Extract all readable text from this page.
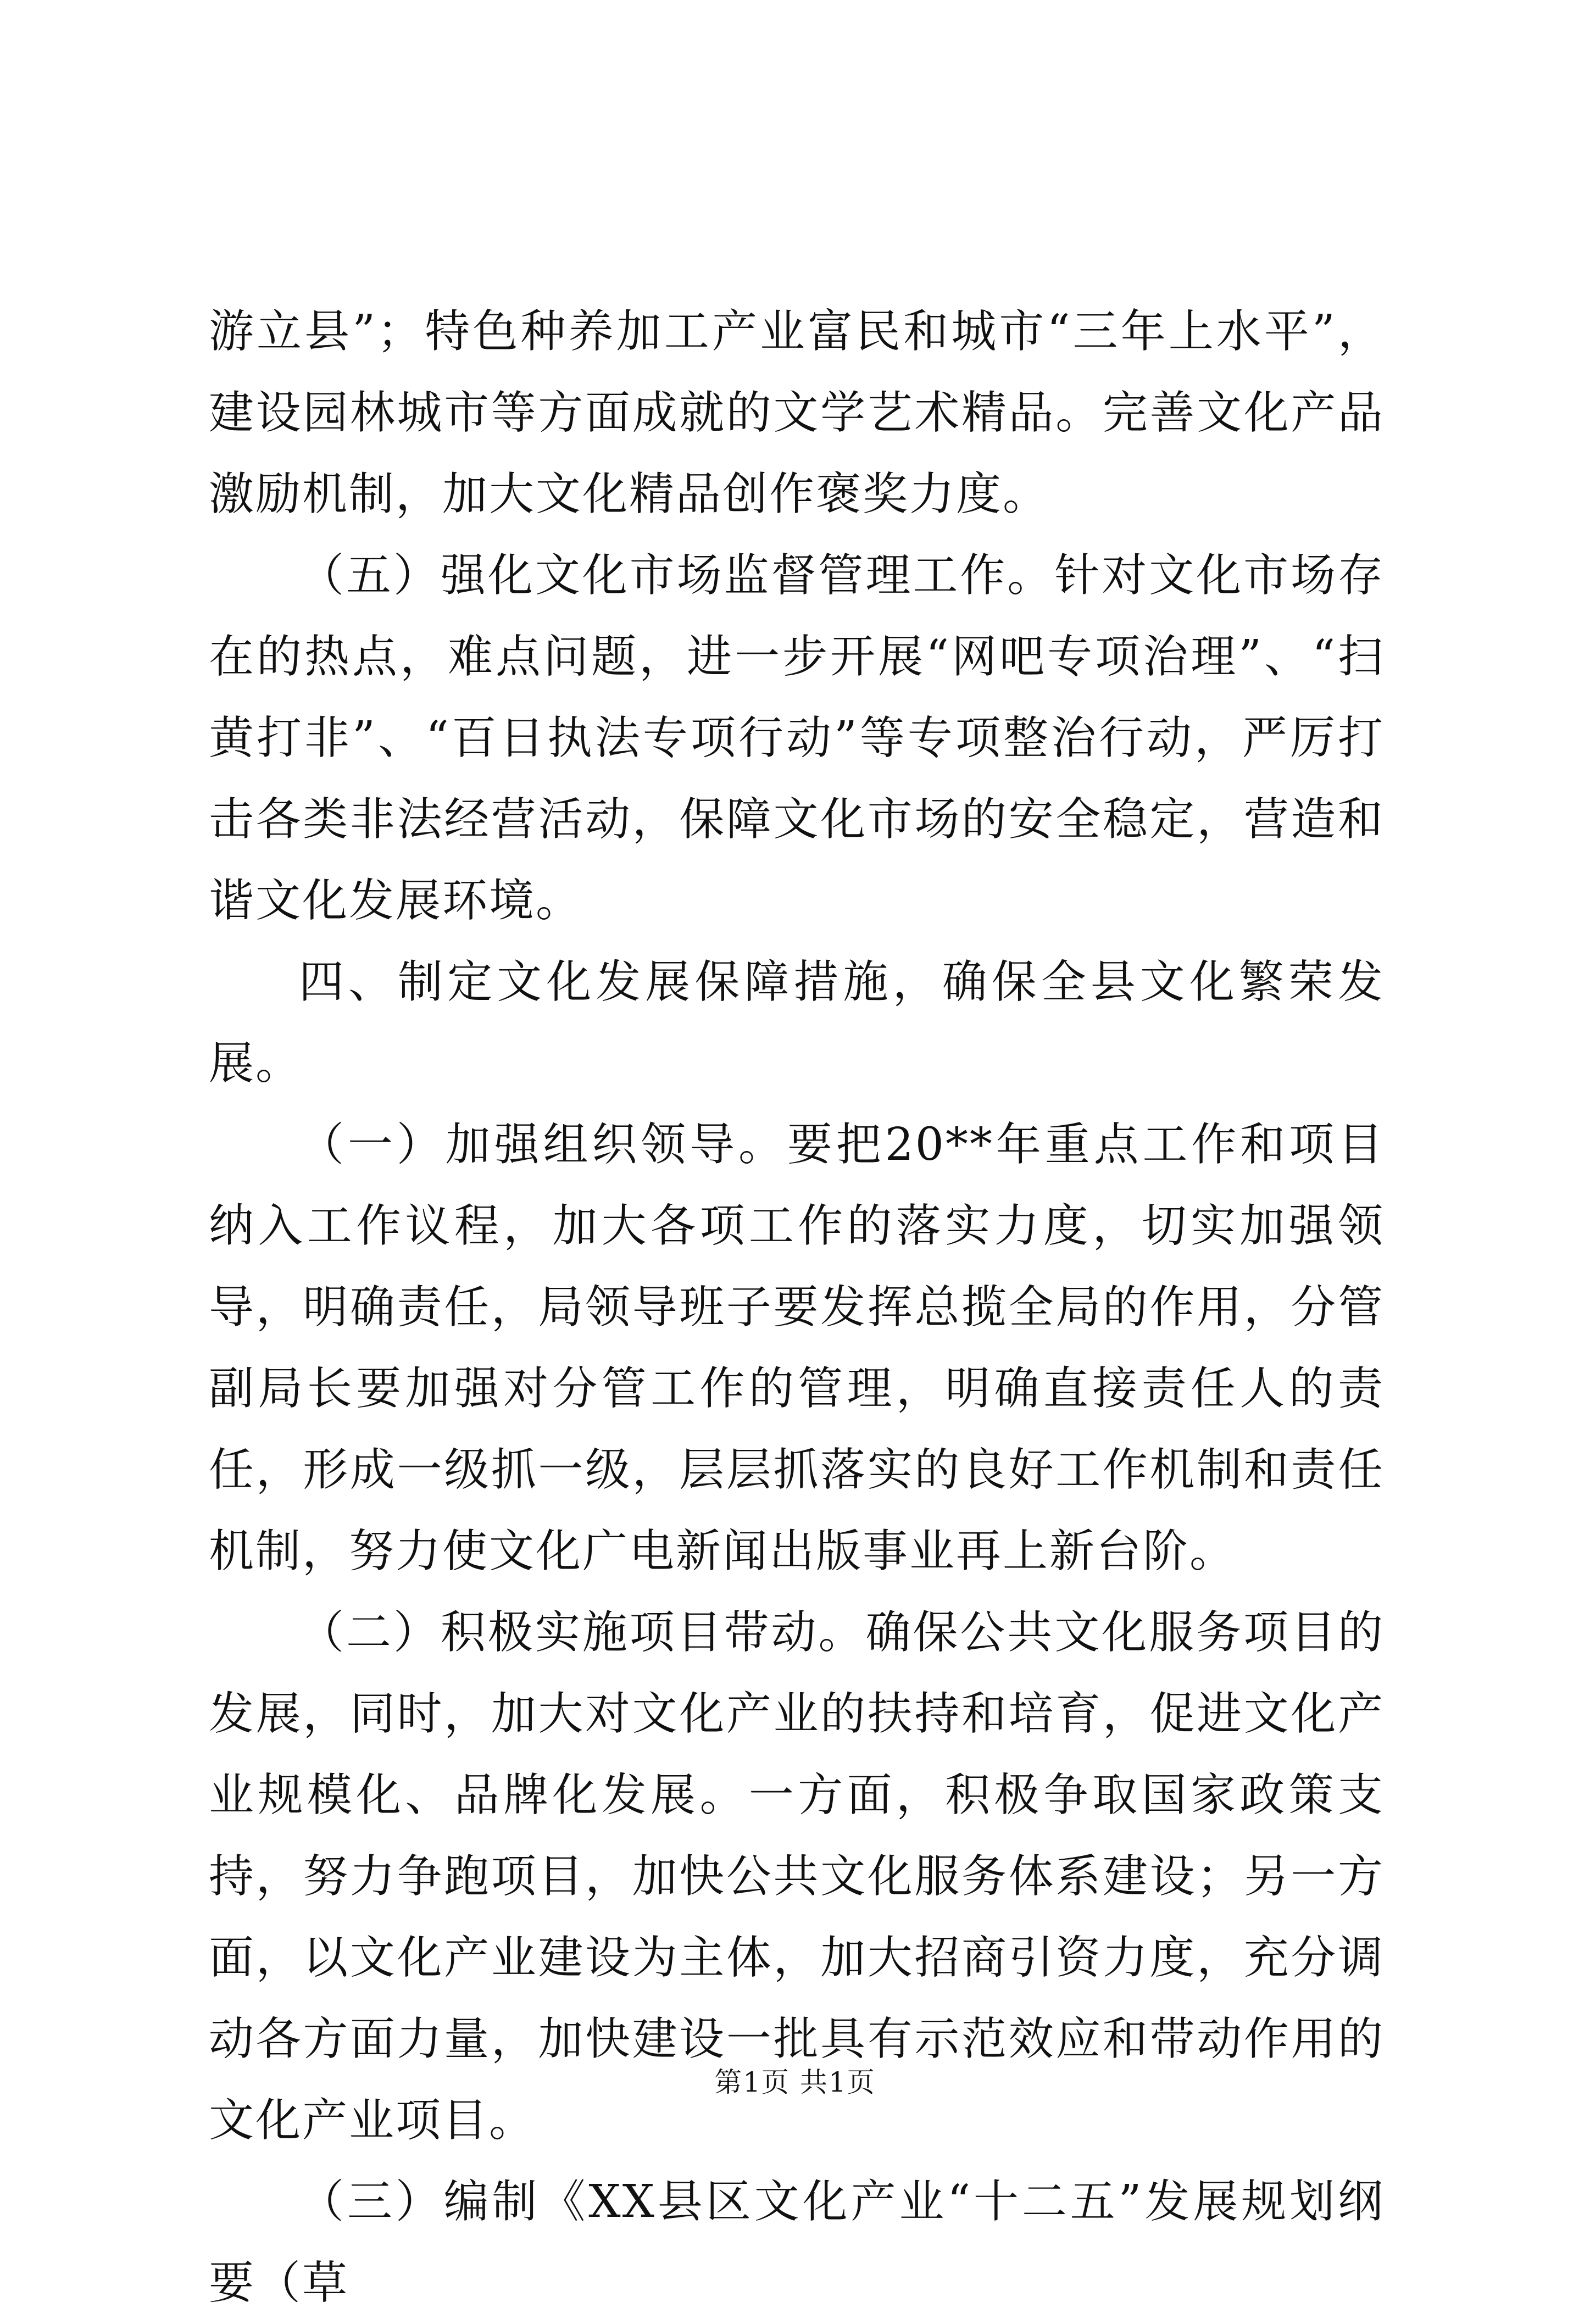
游立县”；特色种养加工产业富民和城市“三年上水平”，建设园林城市等方面成就的文学艺术精品。完善文化产品激励机制，加大文化精品创作褒奖力度。

（五）强化文化市场监督管理工作。针对文化市场存在的热点，难点问题，进一步开展“网吧专项治理”、“扫黄打非”、“百日执法专项行动”等专项整治行动，严厉打击各类非法经营活动，保障文化市场的安全稳定，营造和谐文化发展环境。

四、制定文化发展保障措施，确保全县文化繁荣发展。

（一）加强组织领导。要把20**年重点工作和项目纳入工作议程，加大各项工作的落实力度，切实加强领导，明确责任，局领导班子要发挥总揽全局的作用，分管副局长要加强对分管工作的管理，明确直接责任人的责任，形成一级抓一级，层层抓落实的良好工作机制和责任机制，努力使文化广电新闻出版事业再上新台阶。

（二）积极实施项目带动。确保公共文化服务项目的发展，同时，加大对文化产业的扶持和培育，促进文化产业规模化、品牌化发展。一方面，积极争取国家政策支持，努力争跑项目，加快公共文化服务体系建设；另一方面，以文化产业建设为主体，加大招商引资力度，充分调动各方面力量，加快建设一批具有示范效应和带动作用的文化产业项目。

（三）编制《XX县区文化产业“十二五”发展规划纲要（草

第1页 共1页
